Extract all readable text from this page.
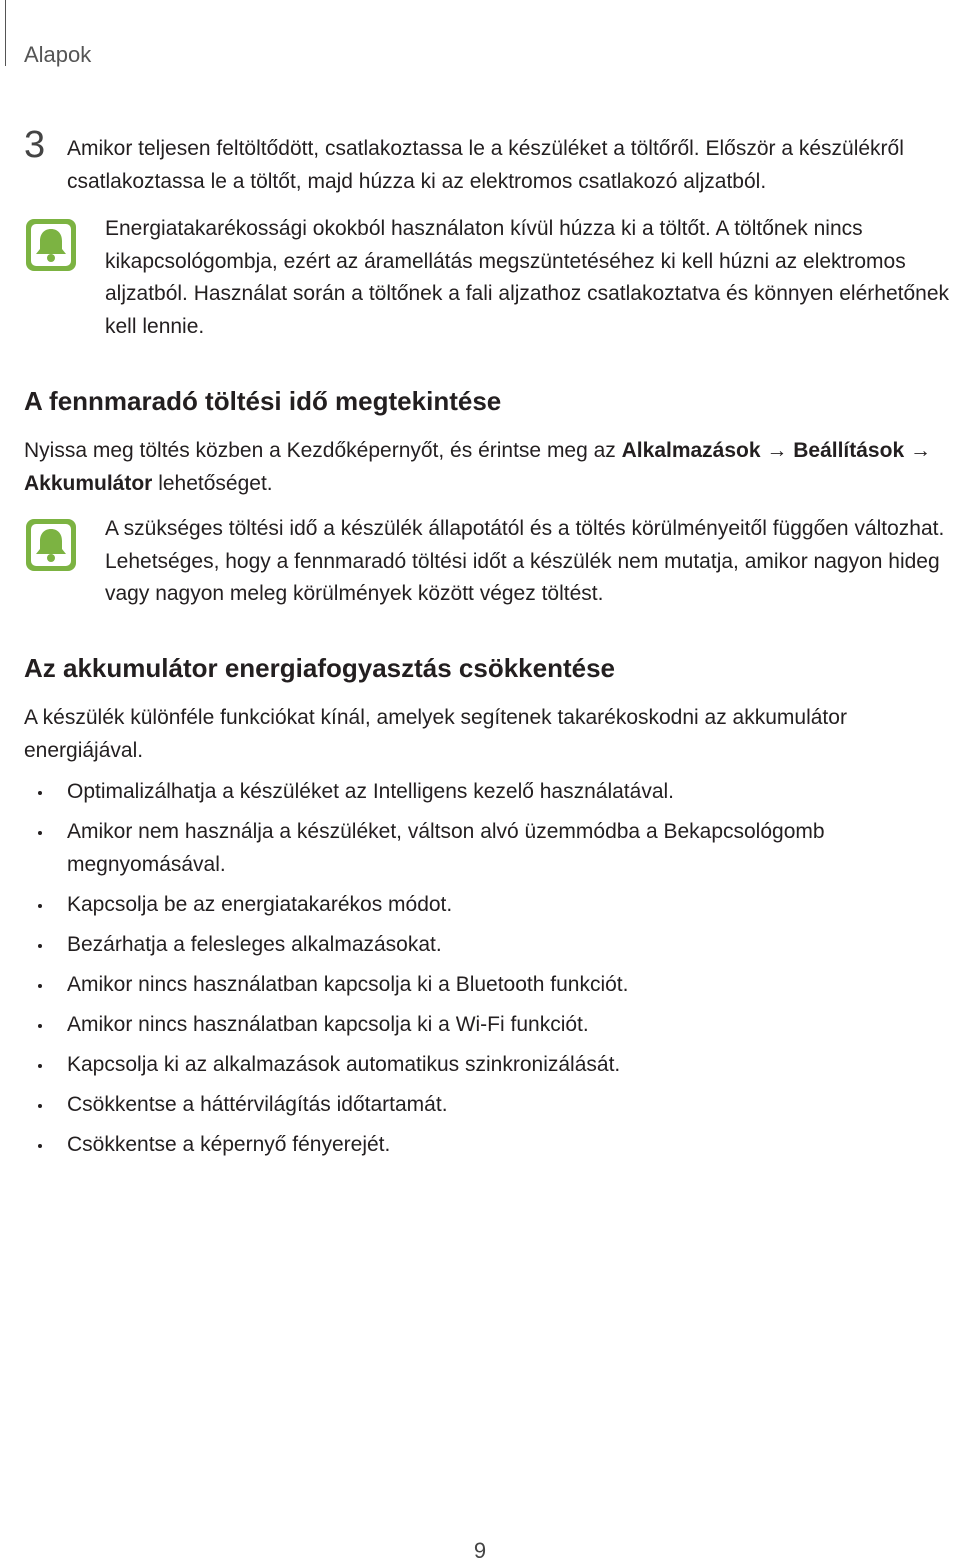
Alapok
3 Amikor teljesen feltöltődött, csatlakoztassa le a készüléket a töltőről. Először a készülékről csatlakoztassa le a töltőt, majd húzza ki az elektromos csatlakozó aljzatból.
Energiatakarékossági okokból használaton kívül húzza ki a töltőt. A töltőnek nincs kikapcsológombja, ezért az áramellátás megszüntetéséhez ki kell húzni az elektromos aljzatból. Használat során a töltőnek a fali aljzathoz csatlakoztatva és könnyen elérhetőnek kell lennie.
A fennmaradó töltési idő megtekintése
Nyissa meg töltés közben a Kezdőképernyőt, és érintse meg az Alkalmazások → Beállítások → Akkumulátor lehetőséget.
A szükséges töltési idő a készülék állapotától és a töltés körülményeitől függően változhat. Lehetséges, hogy a fennmaradó töltési időt a készülék nem mutatja, amikor nagyon hideg vagy nagyon meleg körülmények között végez töltést.
Az akkumulátor energiafogyasztás csökkentése
A készülék különféle funkciókat kínál, amelyek segítenek takarékoskodni az akkumulátor energiájával.
Optimalizálhatja a készüléket az Intelligens kezelő használatával.
Amikor nem használja a készüléket, váltson alvó üzemmódba a Bekapcsológomb megnyomásával.
Kapcsolja be az energiatakarékos módot.
Bezárhatja a felesleges alkalmazásokat.
Amikor nincs használatban kapcsolja ki a Bluetooth funkciót.
Amikor nincs használatban kapcsolja ki a Wi-Fi funkciót.
Kapcsolja ki az alkalmazások automatikus szinkronizálását.
Csökkentse a háttérvilágítás időtartamát.
Csökkentse a képernyő fényerejét.
9
